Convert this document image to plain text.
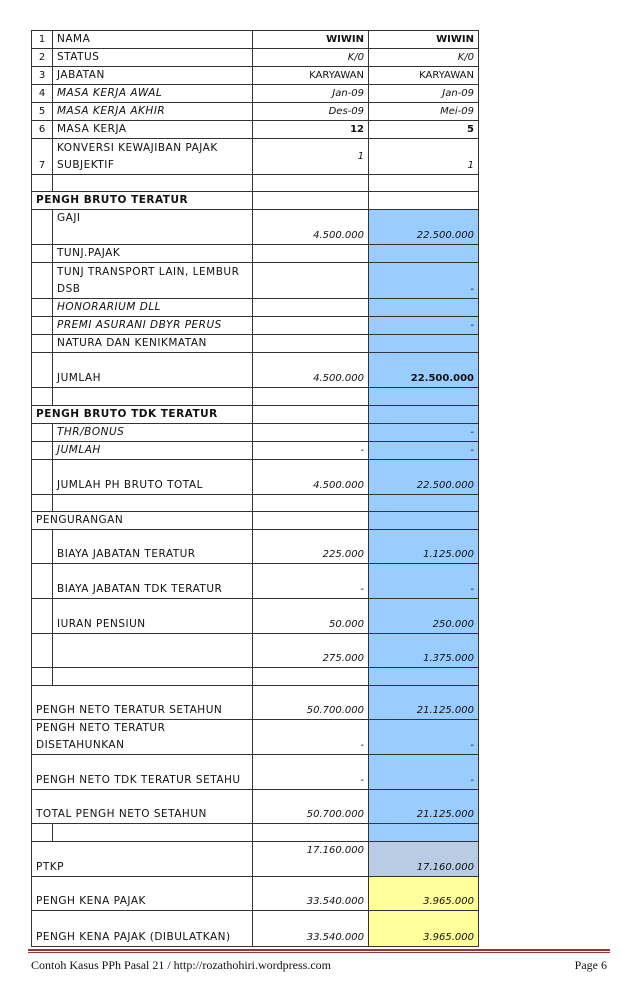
1	NAMA	WIWIN	WIWIN
2	STATUS	K/0	K/0
3	JABATAN	KARYAWAN	KARYAWAN
4	MASA KERJA AWAL	Jan-09	Jan-09
5	MASA KERJA AKHIR	Des-09	Mei-09
6	MASA KERJA	12	5
7	KONVERSI KEWAJIBAN PAJAK SUBJEKTIF	1	1

PENGH BRUTO TERATUR			
	GAJI	4.500.000	22.500.000
	TUNJ.PAJAK		
	TUNJ TRANSPORT LAIN, LEMBUR DSB		-
	HONORARIUM DLL		
	PREMI ASURANI DBYR PERUS		-
	NATURA DAN KENIKMATAN		
	JUMLAH	4.500.000	22.500.000

PENGH BRUTO TDK TERATUR			
	THR/BONUS		-
	JUMLAH	-	-
	JUMLAH PH BRUTO TOTAL	4.500.000	22.500.000

PENGURANGAN			
	BIAYA JABATAN TERATUR	225.000	1.125.000
	BIAYA JABATAN TDK TERATUR	-	-
	IURAN PENSIUN	50.000	250.000
		275.000	1.375.000

PENGH NETO TERATUR SETAHUN		50.700.000	21.125.000
PENGH NETO TERATUR DISETAHUNKAN		-	-
PENGH NETO TDK TERATUR SETAHU		-	-
TOTAL PENGH NETO SETAHUN		50.700.000	21.125.000

PTKP		17.160.000	17.160.000
PENGH KENA PAJAK		33.540.000	3.965.000
PENGH KENA PAJAK (DIBULATKAN)		33.540.000	3.965.000
Contoh Kasus PPh Pasal 21 / http://rozathohiri.wordpress.com	Page 6
